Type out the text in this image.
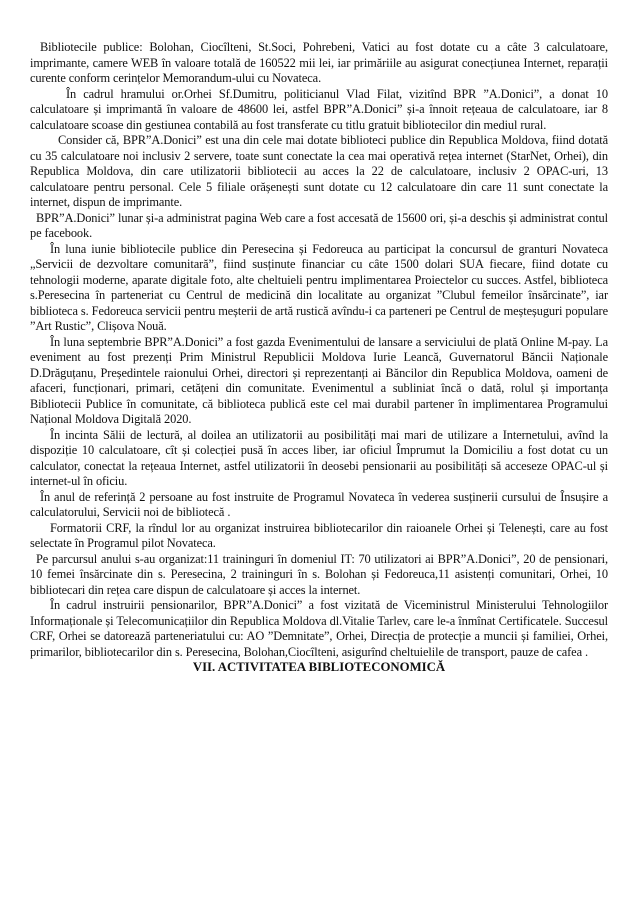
Bibliotecile publice: Bolohan, Ciocîlteni, St.Soci, Pohrebeni, Vatici au fost dotate cu a câte 3 calculatoare, imprimante, camere WEB în valoare totală de 160522 mii lei, iar primăriile au asigurat conecțiunea Internet, reparații curente conform cerințelor Memorandum-ului cu Novateca.

În cadrul hramului or.Orhei Sf.Dumitru, politicianul Vlad Filat, vizitînd BPR ”A.Donici”, a donat 10 calculatoare și imprimantă în valoare de 48600 lei, astfel BPR”A.Donici” și-a înnoit rețeaua de calculatoare, iar 8 calculatoare scoase din gestiunea contabilă au fost transferate cu titlu gratuit bibliotecilor din mediul rural.

Consider că, BPR”A.Donici” est una din cele mai dotate biblioteci publice din Republica Moldova, fiind dotată cu 35 calculatoare noi inclusiv 2 servere, toate sunt conectate la cea mai operativă rețea internet (StarNet, Orhei), din Republica Moldova, din care utilizatorii bibliotecii au acces la 22 de calculatoare, inclusiv 2 OPAC-uri, 13 calculatoare pentru personal. Cele 5 filiale orășenești sunt dotate cu 12 calculatoare din care 11 sunt conectate la internet, dispun de imprimante.

BPR”A.Donici” lunar și-a administrat pagina Web care a fost accesată de 15600 ori, și-a deschis și administrat contul pe facebook.

În luna iunie bibliotecile publice din Peresecina și Fedoreuca au participat la concursul de granturi Novateca „Servicii de dezvoltare comunitară”, fiind susținute financiar cu câte 1500 dolari SUA fiecare, fiind dotate cu tehnologii moderne, aparate digitale foto, alte cheltuieli pentru implimentarea Proiectelor cu succes. Astfel, biblioteca s.Peresecina în parteneriat cu Centrul de medicină din localitate au organizat ”Clubul femeilor însărcinate”, iar biblioteca s. Fedoreuca servicii pentru meșterii de artă rustică avîndu-i ca parteneri pe Centrul de meșteșuguri populare ”Art Rustic”, Clișova Nouă.

În luna septembrie BPR”A.Donici” a fost gazda Evenimentului de lansare a serviciului de plată Online M-pay. La eveniment au fost prezenți Prim Ministrul Republicii Moldova Iurie Leancă, Guvernatorul Băncii Naționale D.Drăguțanu, Președintele raionului Orhei, directori și reprezentanți ai Băncilor din Republica Moldova, oameni de afaceri, funcționari, primari, cetățeni din comunitate. Evenimentul a subliniat încă o dată, rolul și importanța Bibliotecii Publice în comunitate, că biblioteca publică este cel mai durabil partener în implimentarea Programului Național Moldova Digitală 2020.

În incinta Sălii de lectură, al doilea an utilizatorii au posibilități mai mari de utilizare a Internetului, avînd la dispoziție 10 calculatoare, cît și colecției pusă în acces liber, iar oficiul Împrumut la Domiciliu a fost dotat cu un calculator, conectat la rețeaua Internet, astfel utilizatorii în deosebi pensionarii au posibilități să acceseze OPAC-ul și internet-ul în oficiu.

În anul de referință 2 persoane au fost instruite de Programul Novateca în vederea susținerii cursului de Însușire a calculatorului, Servicii noi de bibliotecă .

Formatorii CRF, la rîndul lor au organizat instruirea bibliotecarilor din raioanele Orhei și Telenești, care au fost selectate în Programul pilot Novateca.

Pe parcursul anului s-au organizat:11 traininguri în domeniul IT: 70 utilizatori ai BPR”A.Donici”, 20 de pensionari, 10 femei însărcinate din s. Peresecina, 2 traininguri în s. Bolohan și Fedoreuca,11 asistenți comunitari, Orhei, 10 bibliotecari din rețea care dispun de calculatoare și acces la internet.

În cadrul instruirii pensionarilor, BPR”A.Donici” a fost vizitată de Viceministrul Ministerului Tehnologiilor Informaționale și Telecomunicațiilor din Republica Moldova dl.Vitalie Tarlev, care le-a înmînat Certificatele. Succesul CRF, Orhei se datorează parteneriatului cu: AO ”Demnitate”, Orhei, Direcția de protecție a muncii și familiei, Orhei, primarilor, bibliotecarilor din s. Peresecina, Bolohan,Ciocîlteni, asigurînd cheltuielile de transport, pauze de cafea .

VII. ACTIVITATEA BIBLIOTECONOMICĂ
